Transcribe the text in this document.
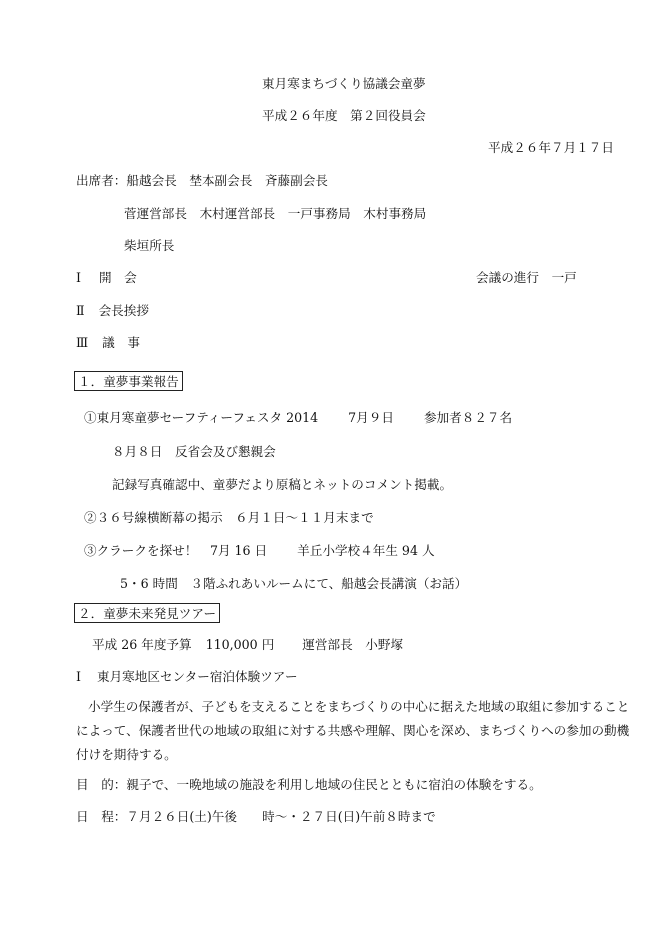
東月寒まちづくり協議会童夢
平成２６年度　第２回役員会
平成２６年７月１７日
出席者：船越会長　埜本副会長　斉藤副会長
菅運営部長　木村運営部長　一戸事務局　木村事務局
柴垣所長
Ⅰ 開　会	会議の進行　一戸
Ⅱ 会長挨拶
Ⅲ 議　事
１．童夢事業報告
①東月寒童夢セーフティーフェスタ 2014 7月９日 参加者８２７名
８月８日　反省会及び懇親会
記録写真確認中、童夢だより原稿とネットのコメント掲載。
②３６号線横断幕の掲示　６月１日～１１月末まで
③クラークを探せ！　7月 16 日 羊丘小学校４年生 94 人
5・6 時間　３階ふれあいルームにて、船越会長講演（お話）
２．童夢未来発見ツアー
平成 26 年度予算 110,000 円 運営部長　小野塚
Ⅰ 東月寒地区センター宿泊体験ツアー
小学生の保護者が、子どもを支えることをまちづくりの中心に据えた地域の取組に参加すること
によって、保護者世代の地域の取組に対する共感や理解、関心を深め、まちづくりへの参加の動機
付けを期待する。
目　的：親子で、一晩地域の施設を利用し地域の住民とともに宿泊の体験をする。
日　程：７月２６日(土)午後　　時～・２７日(日)午前８時まで
